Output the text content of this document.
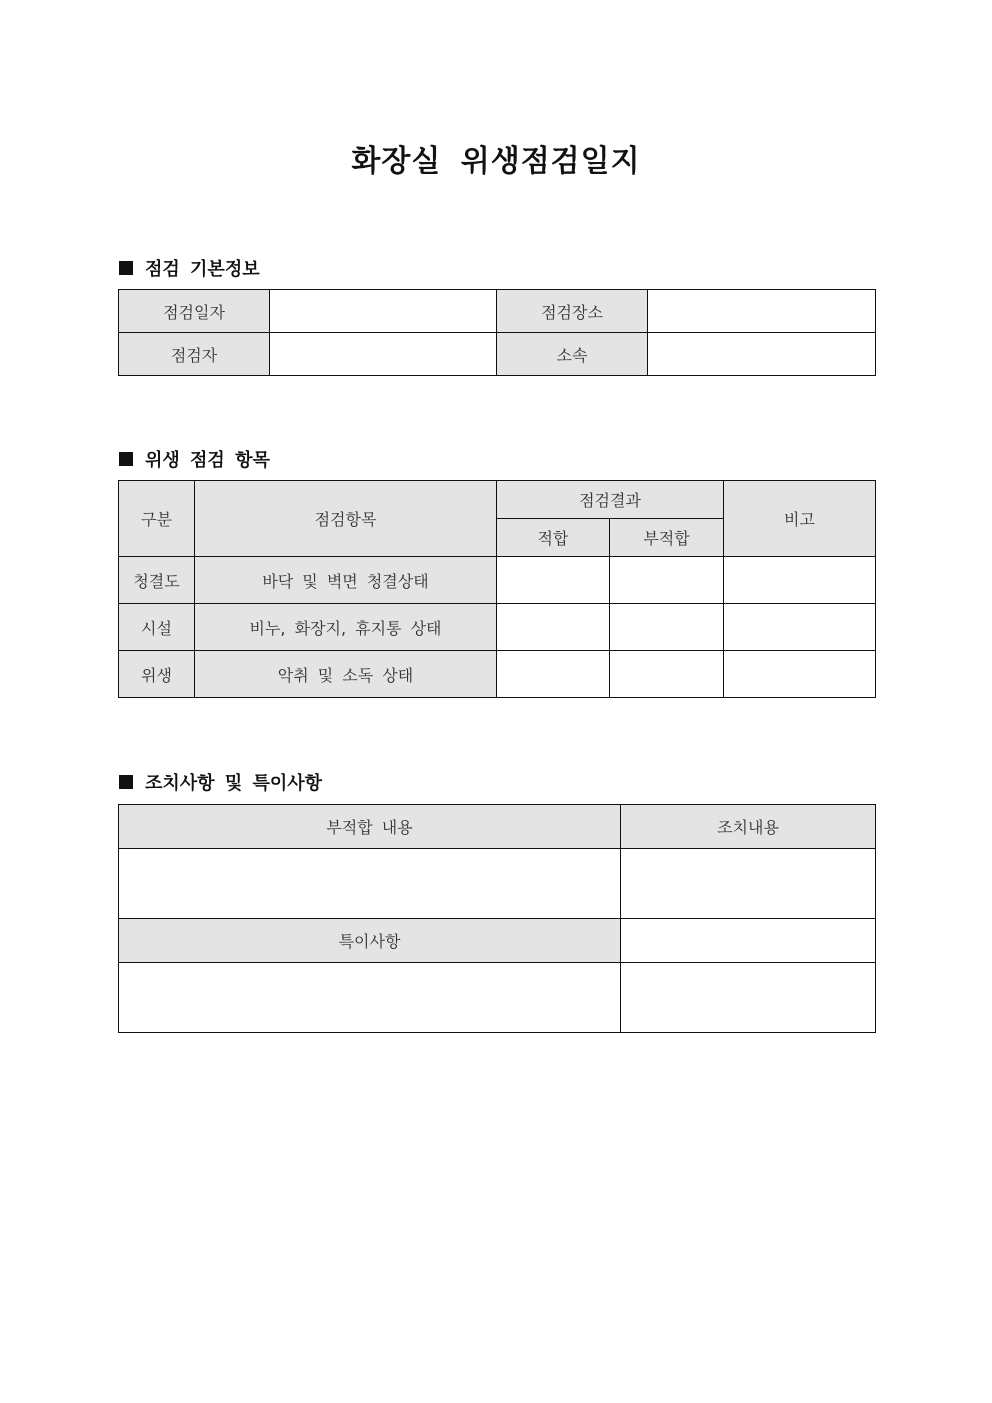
화장실 위생점검일지
점검 기본정보
점검일자		점검장소	
점검자		소속	
위생 점검 항목
구분	점검항목	점검결과		비고
		적합	부적합	
청결도	바닥 및 벽면 청결상태			
시설	비누, 화장지, 휴지통 상태			
위생	악취 및 소독 상태			
조치사항 및 특이사항
부적합 내용	조치내용

특이사항	
